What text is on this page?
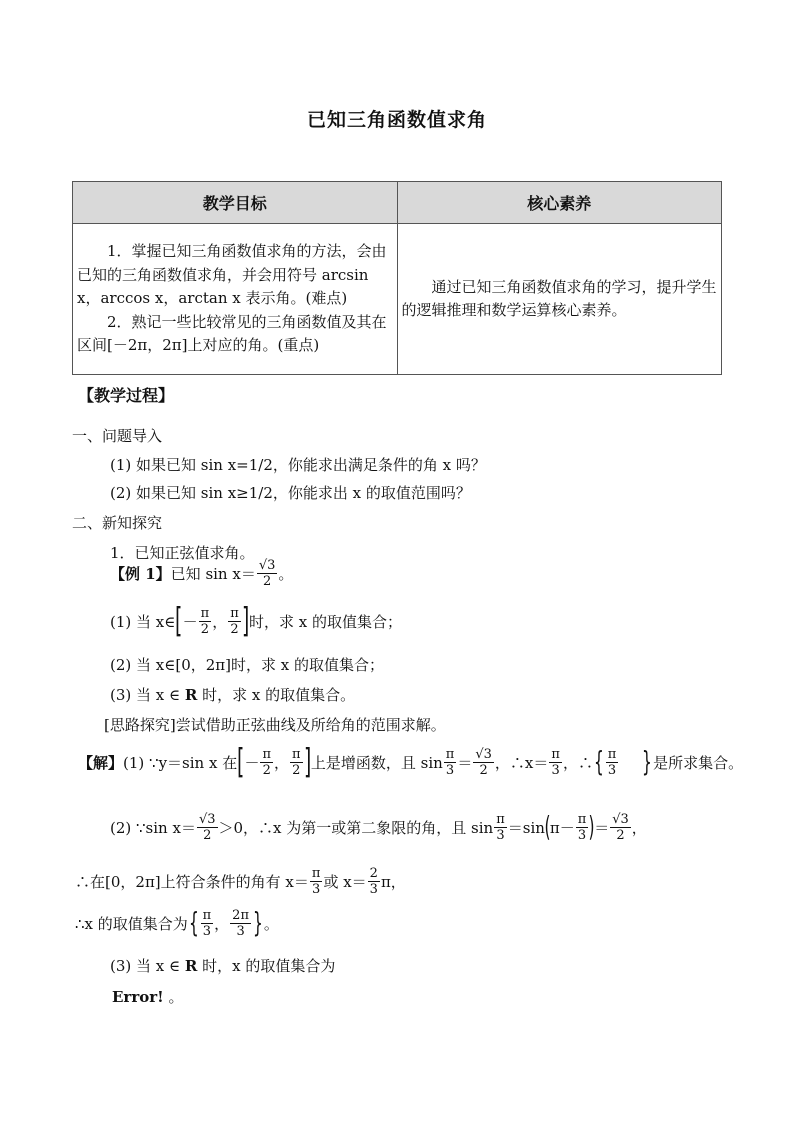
已知三角函数值求角
教学目标	核心素养

1．掌握已知三角函数值求角的方法，会由已知的三角函数值求角，并会用符号 arcsin x，arccos x，arctan x 表示角。(难点)

2．熟记一些比较常见的三角函数值及其在区间[－2π，2π]上对应的角。(重点)	通过已知三角函数值求角的学习，提升学生的逻辑推理和数学运算核心素养。
【教学过程】
一、问题导入
(1) 如果已知 sin x=1/2，你能求出满足条件的角 x 吗？
(2) 如果已知 sin x≥1/2，你能求出 x 的取值范围吗？
二、新知探究
1．已知正弦值求角。
【例 1】 已知 $\sin x= \frac{√3}{2}$ 。
(1) 当 x∈ [ － $\frac{\pi}{2}$ ， $\frac{\pi}{2}$ ] 时，求 x 的取值集合；
(2) 当 x∈[0，2π]时，求 x 的取值集合；
(3) 当 x ∈ R 时，求 x 的取值集合。
[思路探究]尝试借助正弦曲线及所给角的范围求解。
【解】 (1) ∵y＝sin x 在 [ － $\frac{\pi}{2}$ ， $\frac{\pi}{2}$ ] 上是增函数，且 $\sin \frac{\pi}{3} = \frac{√3}{2}$ ，∴x＝ $\frac{\pi}{3}$ ，∴ { $\frac{\pi}{3}$ } 是所求集合。
(2) ∵sin $x= \frac{√3}{2} >0$，∴x 为第一或第二象限的角，且 $\sin \frac{\pi}{3} =\sin$ ( $\pi- \frac{\pi}{3}$ ) ＝ $\frac{√3}{2}$ ，
∴在[0，2π]上符合条件的角有 $x= \frac{\pi}{3}$ 或 $x= \frac{2}{3}$ π，
∴x 的取值集合为 { $\frac{\pi}{3}$ ， $\frac{2\pi}{3}$ } 。
(3) 当 x ∈ R 时，x 的取值集合为
Error! 。
